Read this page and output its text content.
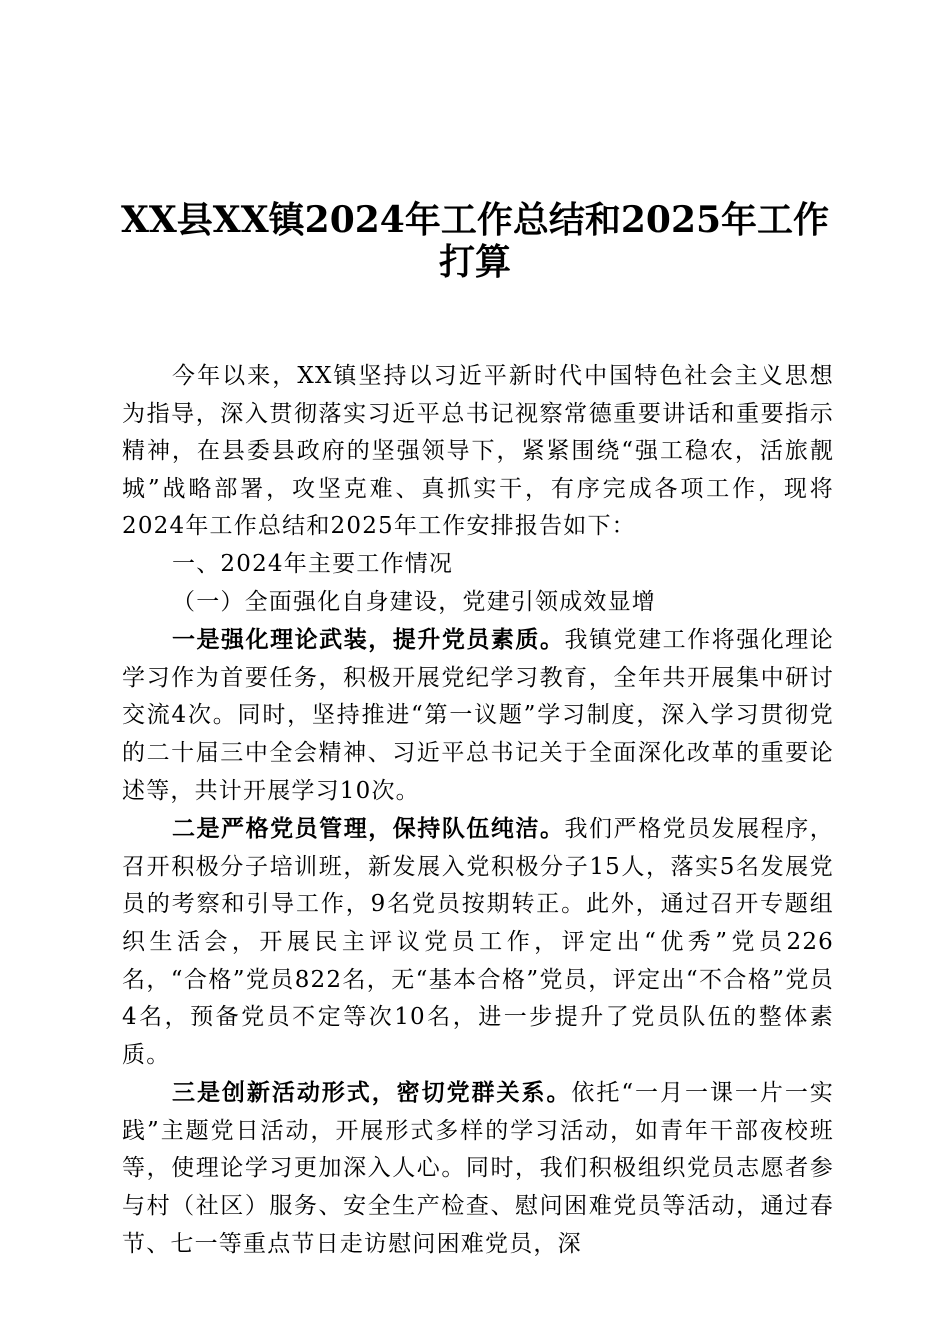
XX县XX镇2024年工作总结和2025年工作
打算

今年以来，XX镇坚持以习近平新时代中国特色社会主义思想为指导，深入贯彻落实习近平总书记视察常德重要讲话和重要指示精神，在县委县政府的坚强领导下，紧紧围绕“强工稳农，活旅靓城”战略部署，攻坚克难、真抓实干，有序完成各项工作，现将2024年工作总结和2025年工作安排报告如下：

一、2024年主要工作情况

（一）全面强化自身建设，党建引领成效显增

一是强化理论武装，提升党员素质。我镇党建工作将强化理论学习作为首要任务，积极开展党纪学习教育，全年共开展集中研讨交流4次。同时，坚持推进“第一议题”学习制度，深入学习贯彻党的二十届三中全会精神、习近平总书记关于全面深化改革的重要论述等，共计开展学习10次。

二是严格党员管理，保持队伍纯洁。我们严格党员发展程序，召开积极分子培训班，新发展入党积极分子15人，落实5名发展党员的考察和引导工作，9名党员按期转正。此外，通过召开专题组织生活会，开展民主评议党员工作，评定出“优秀”党员226名，“合格”党员822名，无“基本合格”党员，评定出“不合格”党员4名，预备党员不定等次10名，进一步提升了党员队伍的整体素质。

三是创新活动形式，密切党群关系。依托“一月一课一片一实践”主题党日活动，开展形式多样的学习活动，如青年干部夜校班等，使理论学习更加深入人心。同时，我们积极组织党员志愿者参与村（社区）服务、安全生产检查、慰问困难党员等活动，通过春节、七一等重点节日走访慰问困难党员，深
